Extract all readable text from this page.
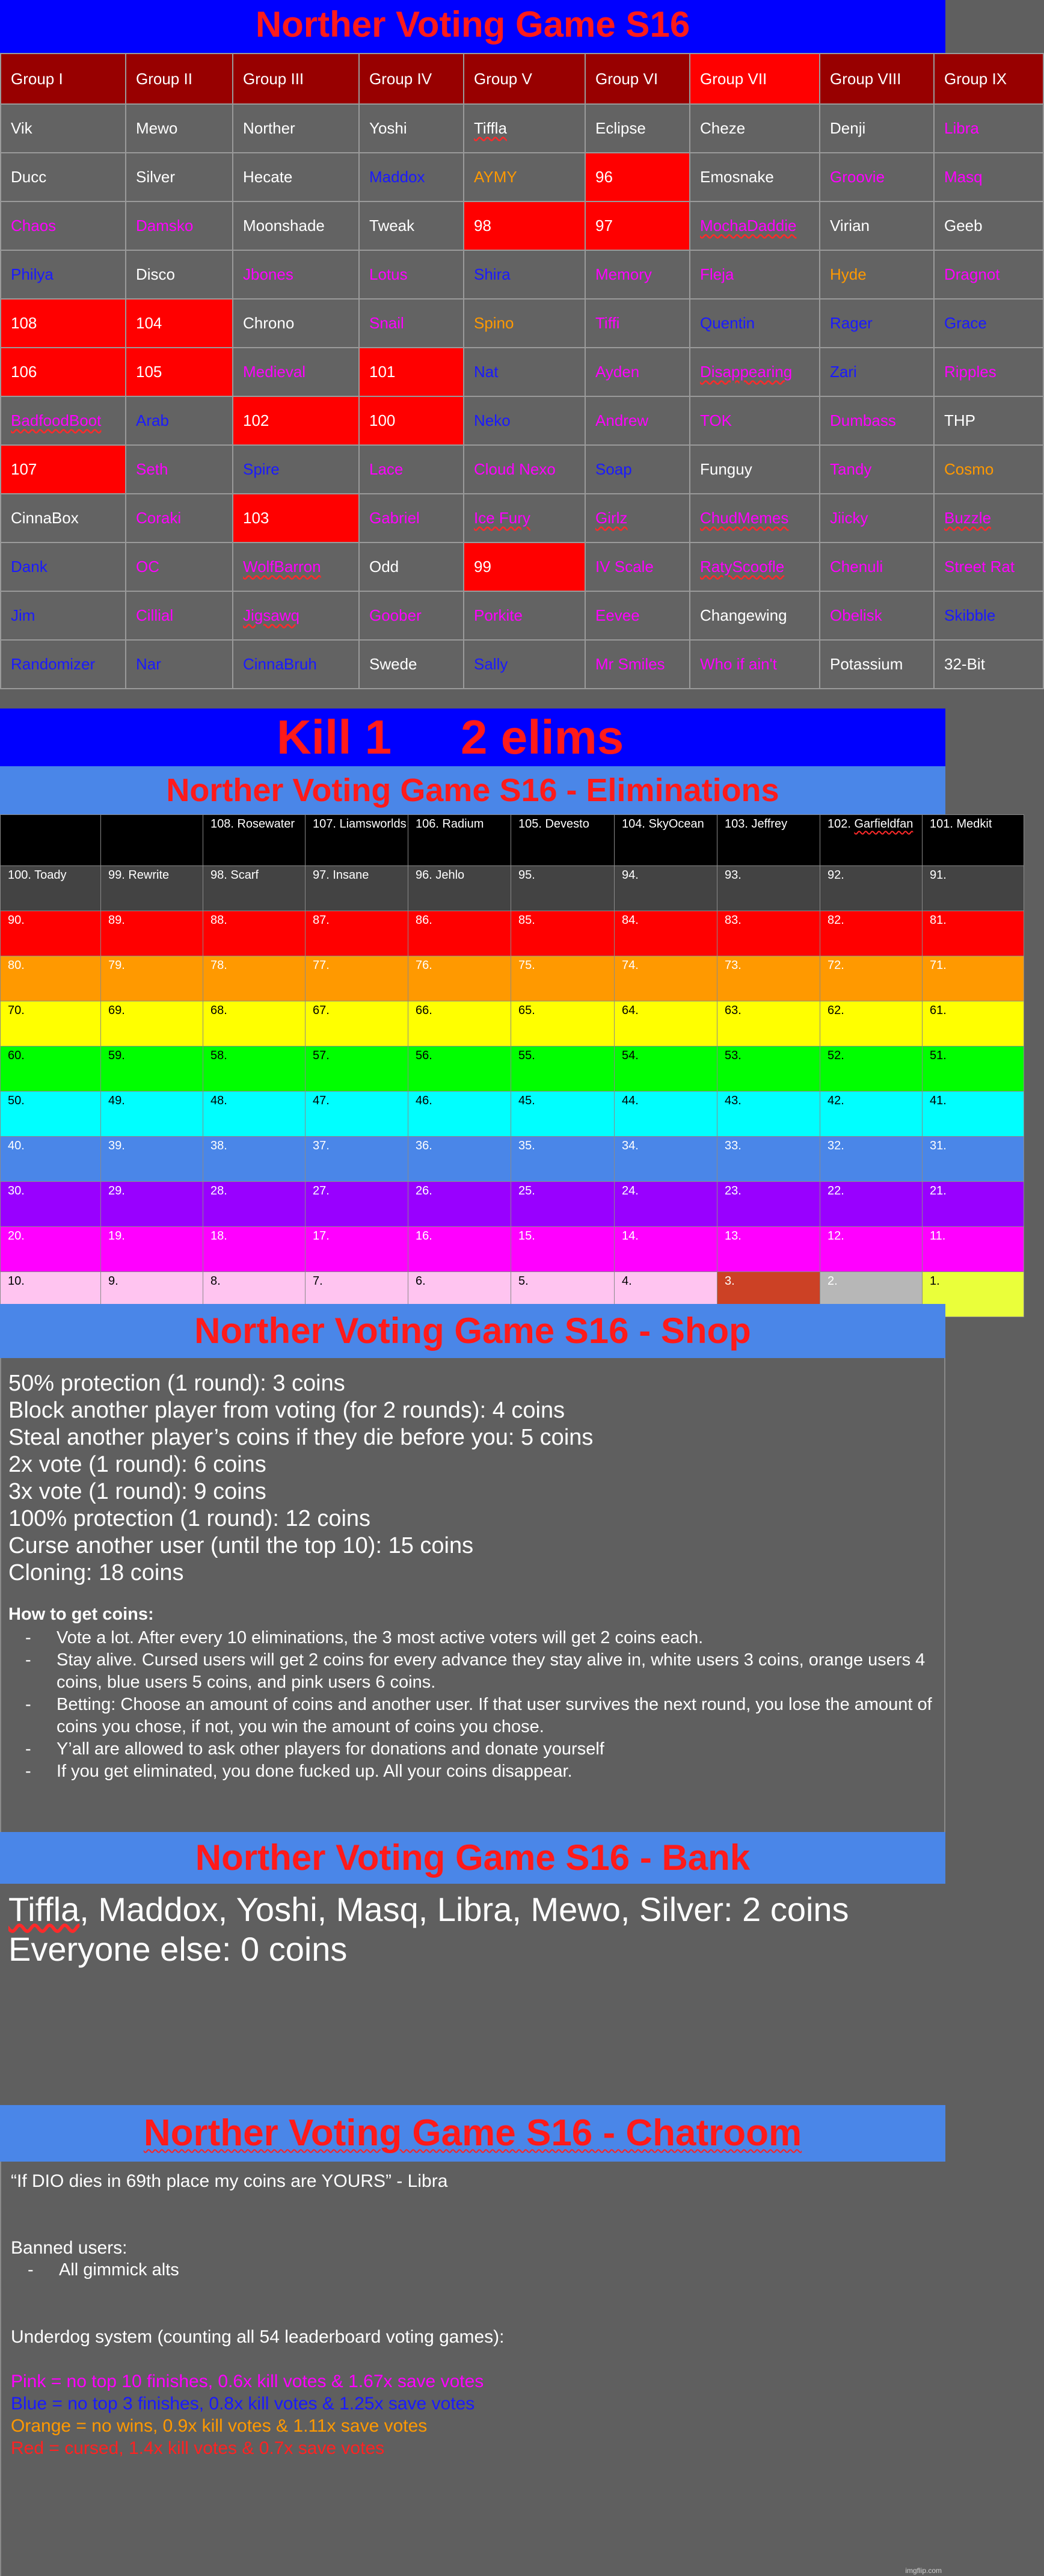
Norther Voting Game S16
Group I	Group II	Group III	Group IV	Group V	Group VI	Group VII	Group VIII	Group IX
Vik	Mewo	Norther	Yoshi	Tiffla	Eclipse	Cheze	Denji	Libra
Ducc	Silver	Hecate	Maddox	AYMY	96	Emosnake	Groovie	Masq
Chaos	Damsko	Moonshade	Tweak	98	97	MochaDaddie	Virian	Geeb
Philya	Disco	Jbones	Lotus	Shira	Memory	Fleja	Hyde	Dragnot
108	104	Chrono	Snail	Spino	Tiffi	Quentin	Rager	Grace
106	105	Medieval	101	Nat	Ayden	Disappearing	Zari	Ripples
BadfoodBoot	Arab	102	100	Neko	Andrew	TOK	Dumbass	THP
107	Seth	Spire	Lace	Cloud Nexo	Soap	Funguy	Tandy	Cosmo
CinnaBox	Coraki	103	Gabriel	Ice Fury	Girlz	ChudMemes	Jiicky	Buzzle
Dank	OC	WolfBarron	Odd	99	IV Scale	RatyScoofle	Chenuli	Street Rat
Jim	Cillial	Jigsawq	Goober	Porkite	Eevee	Changewing	Obelisk	Skibble
Randomizer	Nar	CinnaBruh	Swede	Sally	Mr Smiles	Who if ain't	Potassium	32-Bit
Kill 1 2 elims
Norther Voting Game S16 - Eliminations
		108. Rosewater	107. Liamsworlds	106. Radium	105. Devesto	104. SkyOcean	103. Jeffrey	102. Garfieldfan	101. Medkit
100. Toady	99. Rewrite	98. Scarf	97. Insane	96. Jehlo	95.	94.	93.	92.	91.
90.	89.	88.	87.	86.	85.	84.	83.	82.	81.
80.	79.	78.	77.	76.	75.	74.	73.	72.	71.
70.	69.	68.	67.	66.	65.	64.	63.	62.	61.
60.	59.	58.	57.	56.	55.	54.	53.	52.	51.
50.	49.	48.	47.	46.	45.	44.	43.	42.	41.
40.	39.	38.	37.	36.	35.	34.	33.	32.	31.
30.	29.	28.	27.	26.	25.	24.	23.	22.	21.
20.	19.	18.	17.	16.	15.	14.	13.	12.	11.
10.	9.	8.	7.	6.	5.	4.	3.	2.	1.
Norther Voting Game S16 - Shop

50% protection (1 round): 3 coins

Block another player from voting (for 2 rounds): 4 coins

Steal another player’s coins if they die before you: 5 coins

2x vote (1 round): 6 coins

3x vote (1 round): 9 coins

100% protection (1 round): 12 coins

Curse another user (until the top 10): 15 coins

Cloning: 18 coins

How to get coins:
- Vote a lot. After every 10 eliminations, the 3 most active voters will get 2 coins each.
- Stay alive. Cursed users will get 2 coins for every advance they stay alive in, white users 3 coins, orange users 4 coins, blue users 5 coins, and pink users 6 coins.
- Betting: Choose an amount of coins and another user. If that user survives the next round, you lose the amount of coins you chose, if not, you win the amount of coins you chose.
- Y’all are allowed to ask other players for donations and donate yourself
- If you get eliminated, you done fucked up. All your coins disappear.
Norther Voting Game S16 - Bank
Tiffla, Maddox, Yoshi, Masq, Libra, Mewo, Silver: 2 coins
Everyone else: 0 coins
Norther Voting Game S16 - Chatroom

“If DIO dies in 69th place my coins are YOURS” - Libra

Banned users:

- All gimmick alts

Underdog system (counting all 54 leaderboard voting games):

Pink = no top 10 finishes, 0.6x kill votes & 1.67x save votes

Blue = no top 3 finishes, 0.8x kill votes & 1.25x save votes

Orange = no wins, 0.9x kill votes & 1.11x save votes

Red = cursed, 1.4x kill votes & 0.7x save votes

imgflip.com
